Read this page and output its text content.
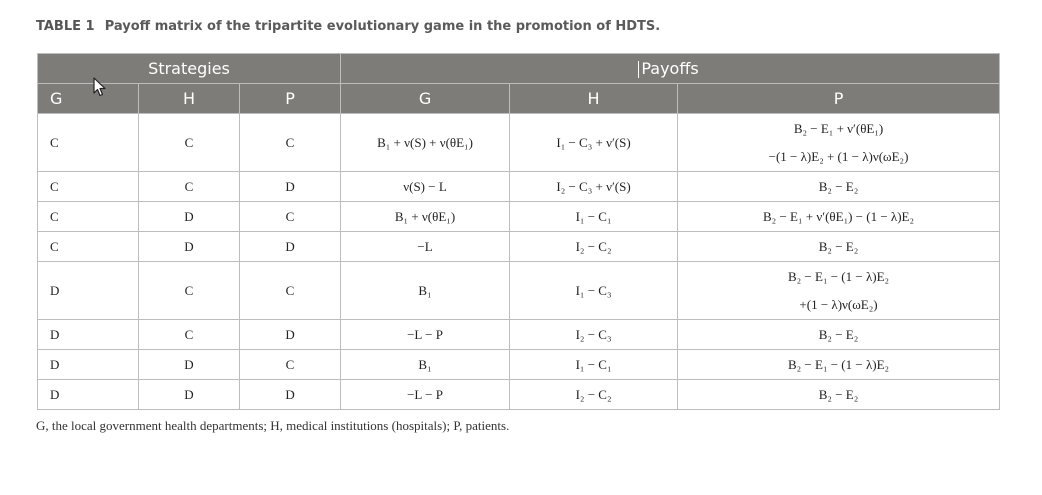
TABLE 1 Payoff matrix of the tripartite evolutionary game in the promotion of HDTS.
Strategies			Payoffs		
G	H	P	G	H	P
C	C	C	B₁ + ν(S) + ν(θE₁)	I₁ − C₃ + ν′(S)	B₂ − E₁ + ν′(θE₁)
−(1 − λ)E₂ + (1 − λ)ν(ωE₂)

C	C	D	ν(S) − L	I₂ − C₃ + ν′(S)	B₂ − E₂
C	D	C	B₁ + ν(θE₁)	I₁ − C₁	B₂ − E₁ + ν′(θE₁) − (1 − λ)E₂
C	D	D	−L	I₂ − C₂	B₂ − E₂
D	C	C	B₁	I₁ − C₃	B₂ − E₁ − (1 − λ)E₂
+(1 − λ)ν(ωE₂)

D	C	D	−L − P	I₂ − C₃	B₂ − E₂
D	D	C	B₁	I₁ − C₁	B₂ − E₁ − (1 − λ)E₂
D	D	D	−L − P	I₂ − C₂	B₂ − E₂
G, the local government health departments; H, medical institutions (hospitals); P, patients.
